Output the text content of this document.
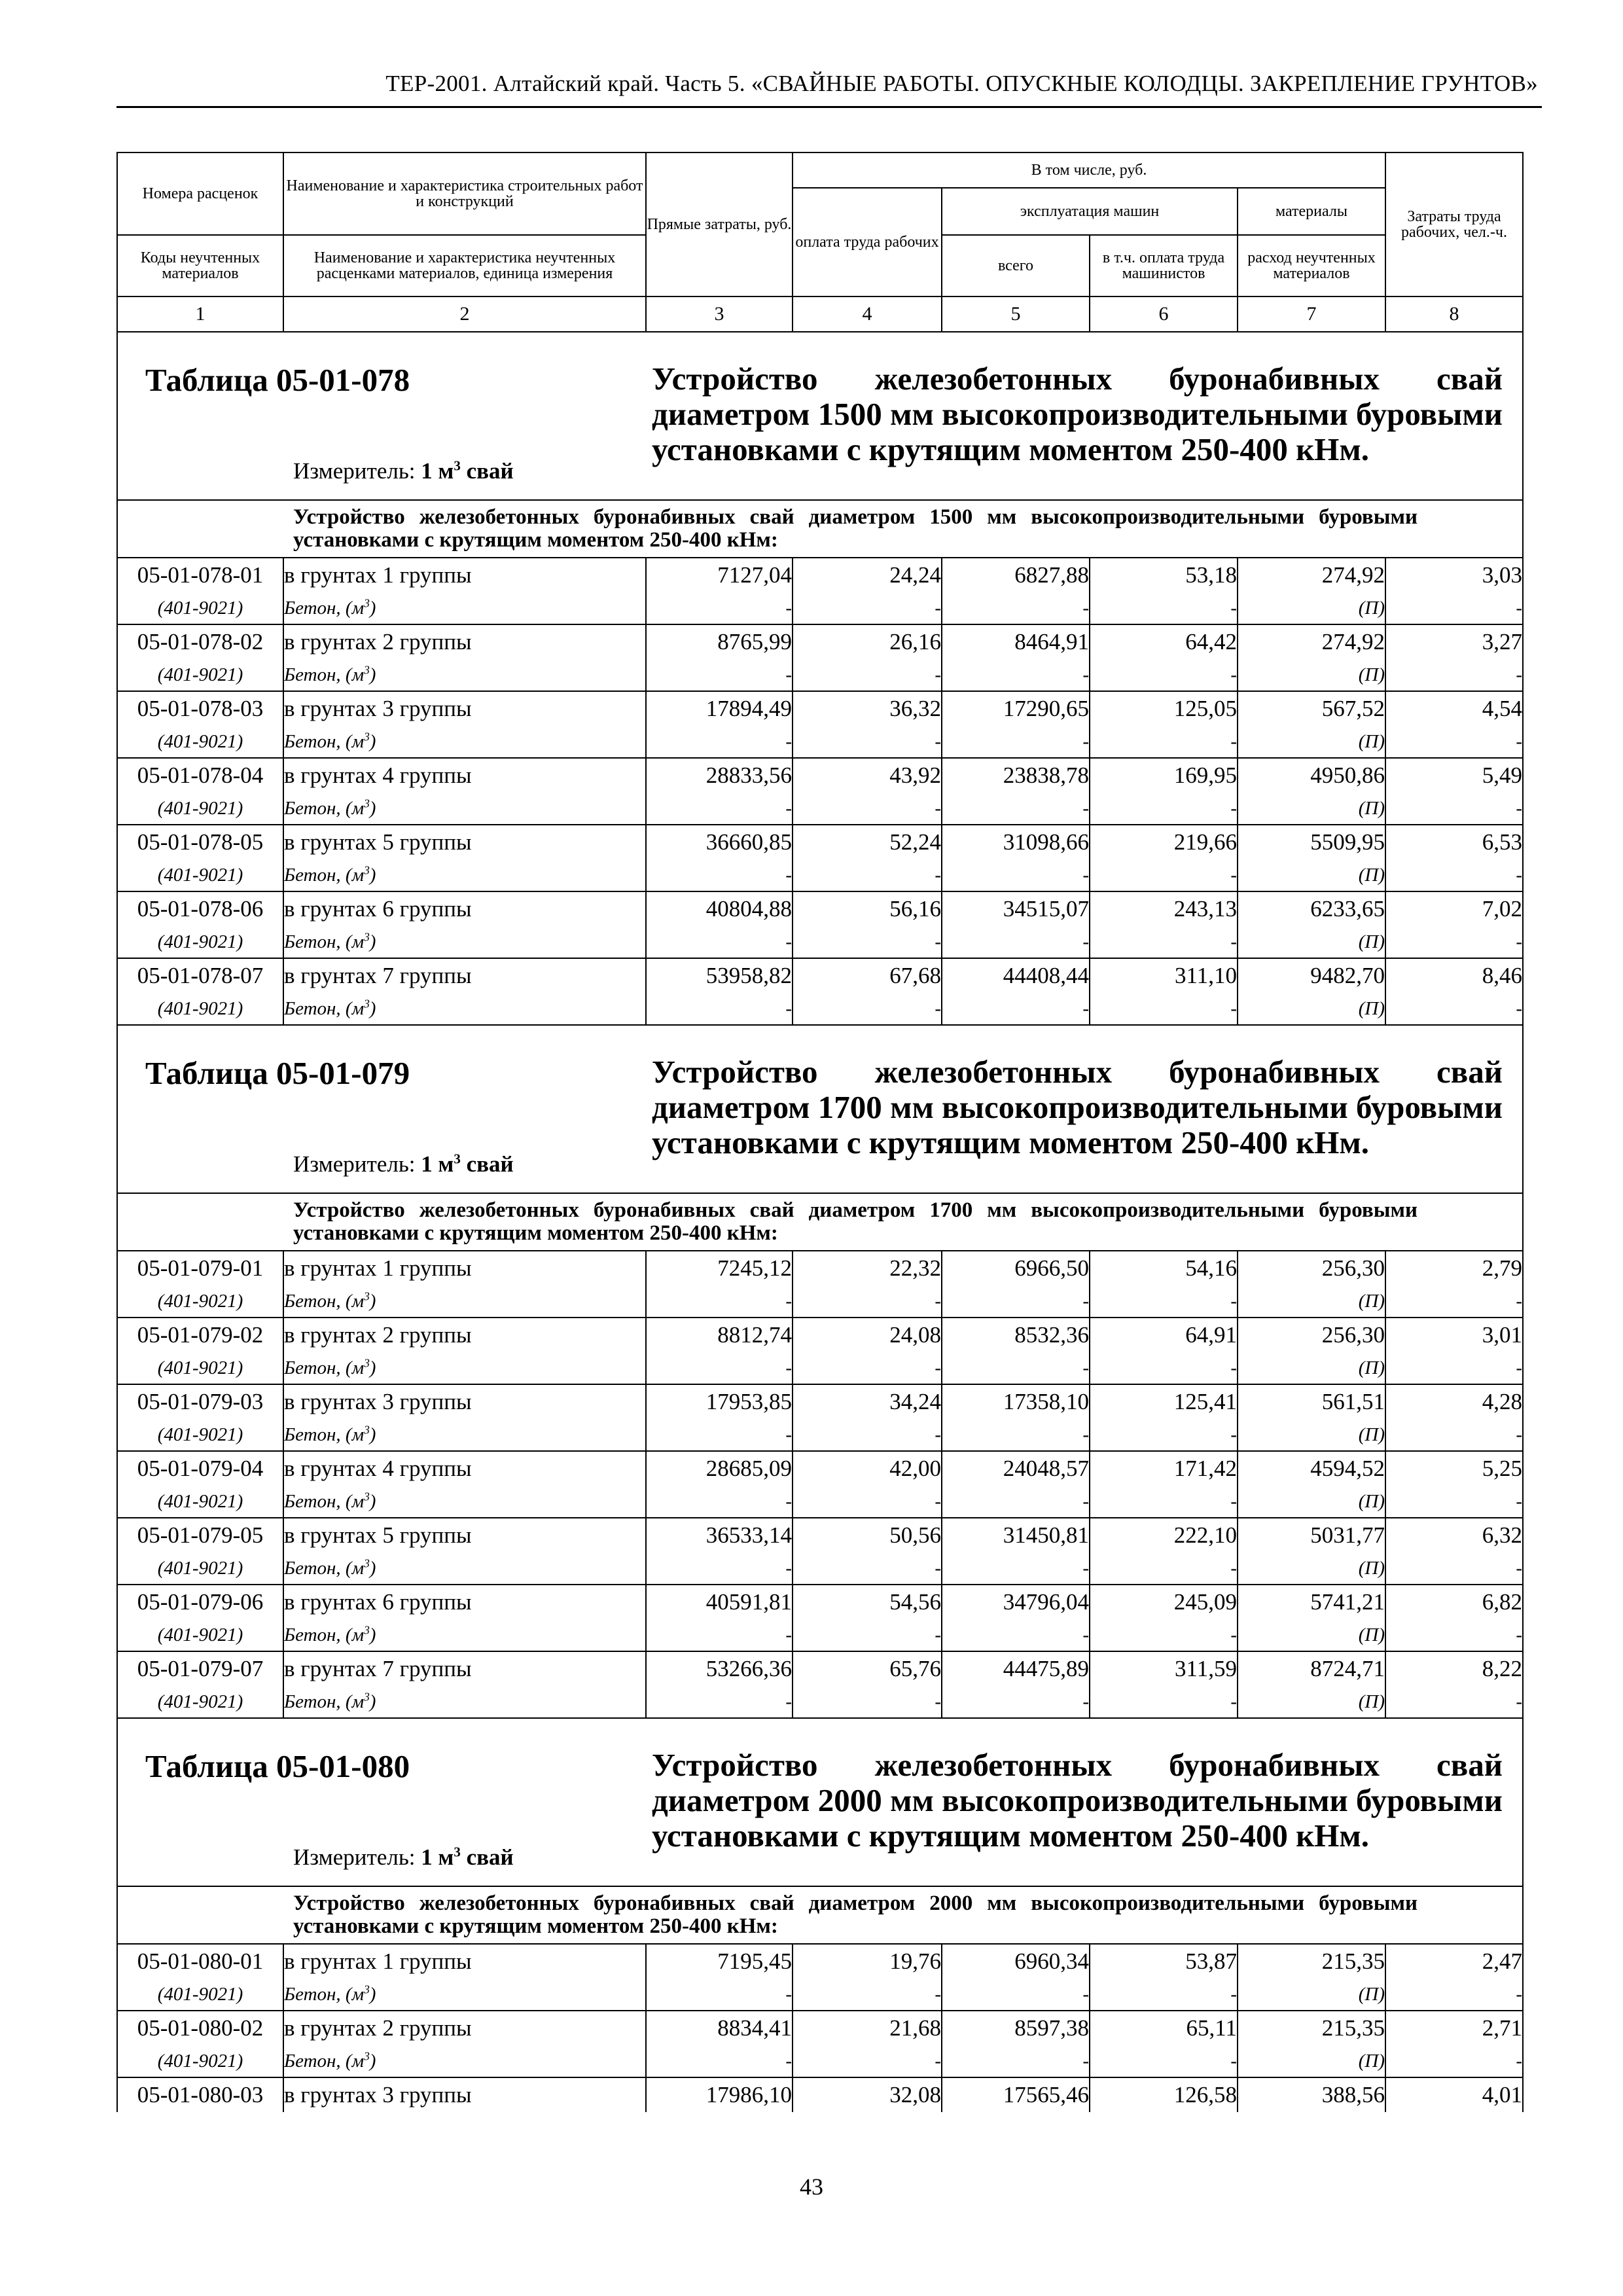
ТЕР-2001. Алтайский край. Часть 5. «СВАЙНЫЕ РАБОТЫ. ОПУСКНЫЕ КОЛОДЦЫ. ЗАКРЕПЛЕНИЕ ГРУНТОВ»
Номера расценок	Наименование и характеристика строительных работ и конструкций	Прямые затраты, руб.	В том числе, руб.				Затраты труда рабочих, чел.-ч.
			оплата труда рабочих	эксплуатация машин		материалы	
Коды неучтенных материалов	Наименование и характеристика неучтенных расценками материалов, единица измерения			всего	в т.ч. оплата труда машинистов	расход неучтенных материалов	
1	2	3	4	5	6	7	8

Таблица 05-01-078 Устройство железобетонных буронабивных свай диаметром 1500 мм высокопроизводительными буровыми установками с крутящим моментом 250-400 кНм.
Измеритель: 1 $м^3$ свай							

Устройство железобетонных буронабивных свай диаметром 1500 мм высокопроизводительными буровыми установками с крутящим моментом 250-400 кНм:							

05-01-078-01	в грунтах 1 группы	7127,04	24,24	6827,88	53,18	274,92	3,03
(401-9021)	Бетон, $(м^3)$	-	-	-	-	(П)	-
05-01-078-02	в грунтах 2 группы	8765,99	26,16	8464,91	64,42	274,92	3,27
(401-9021)	Бетон, $(м^3)$	-	-	-	-	(П)	-
05-01-078-03	в грунтах 3 группы	17894,49	36,32	17290,65	125,05	567,52	4,54
(401-9021)	Бетон, $(м^3)$	-	-	-	-	(П)	-
05-01-078-04	в грунтах 4 группы	28833,56	43,92	23838,78	169,95	4950,86	5,49
(401-9021)	Бетон, $(м^3)$	-	-	-	-	(П)	-
05-01-078-05	в грунтах 5 группы	36660,85	52,24	31098,66	219,66	5509,95	6,53
(401-9021)	Бетон, $(м^3)$	-	-	-	-	(П)	-
05-01-078-06	в грунтах 6 группы	40804,88	56,16	34515,07	243,13	6233,65	7,02
(401-9021)	Бетон, $(м^3)$	-	-	-	-	(П)	-
05-01-078-07	в грунтах 7 группы	53958,82	67,68	44408,44	311,10	9482,70	8,46
(401-9021)	Бетон, $(м^3)$	-	-	-	-	(П)	-

Таблица 05-01-079 Устройство железобетонных буронабивных свай диаметром 1700 мм высокопроизводительными буровыми установками с крутящим моментом 250-400 кНм.
Измеритель: 1 $м^3$ свай							

Устройство железобетонных буронабивных свай диаметром 1700 мм высокопроизводительными буровыми установками с крутящим моментом 250-400 кНм:							

05-01-079-01	в грунтах 1 группы	7245,12	22,32	6966,50	54,16	256,30	2,79
(401-9021)	Бетон, $(м^3)$	-	-	-	-	(П)	-
05-01-079-02	в грунтах 2 группы	8812,74	24,08	8532,36	64,91	256,30	3,01
(401-9021)	Бетон, $(м^3)$	-	-	-	-	(П)	-
05-01-079-03	в грунтах 3 группы	17953,85	34,24	17358,10	125,41	561,51	4,28
(401-9021)	Бетон, $(м^3)$	-	-	-	-	(П)	-
05-01-079-04	в грунтах 4 группы	28685,09	42,00	24048,57	171,42	4594,52	5,25
(401-9021)	Бетон, $(м^3)$	-	-	-	-	(П)	-
05-01-079-05	в грунтах 5 группы	36533,14	50,56	31450,81	222,10	5031,77	6,32
(401-9021)	Бетон, $(м^3)$	-	-	-	-	(П)	-
05-01-079-06	в грунтах 6 группы	40591,81	54,56	34796,04	245,09	5741,21	6,82
(401-9021)	Бетон, $(м^3)$	-	-	-	-	(П)	-
05-01-079-07	в грунтах 7 группы	53266,36	65,76	44475,89	311,59	8724,71	8,22
(401-9021)	Бетон, $(м^3)$	-	-	-	-	(П)	-

Таблица 05-01-080 Устройство железобетонных буронабивных свай диаметром 2000 мм высокопроизводительными буровыми установками с крутящим моментом 250-400 кНм.
Измеритель: 1 $м^3$ свай							

Устройство железобетонных буронабивных свай диаметром 2000 мм высокопроизводительными буровыми установками с крутящим моментом 250-400 кНм:							

05-01-080-01	в грунтах 1 группы	7195,45	19,76	6960,34	53,87	215,35	2,47
(401-9021)	Бетон, $(м^3)$	-	-	-	-	(П)	-
05-01-080-02	в грунтах 2 группы	8834,41	21,68	8597,38	65,11	215,35	2,71
(401-9021)	Бетон, $(м^3)$	-	-	-	-	(П)	-
05-01-080-03	в грунтах 3 группы	17986,10	32,08	17565,46	126,58	388,56	4,01
43
